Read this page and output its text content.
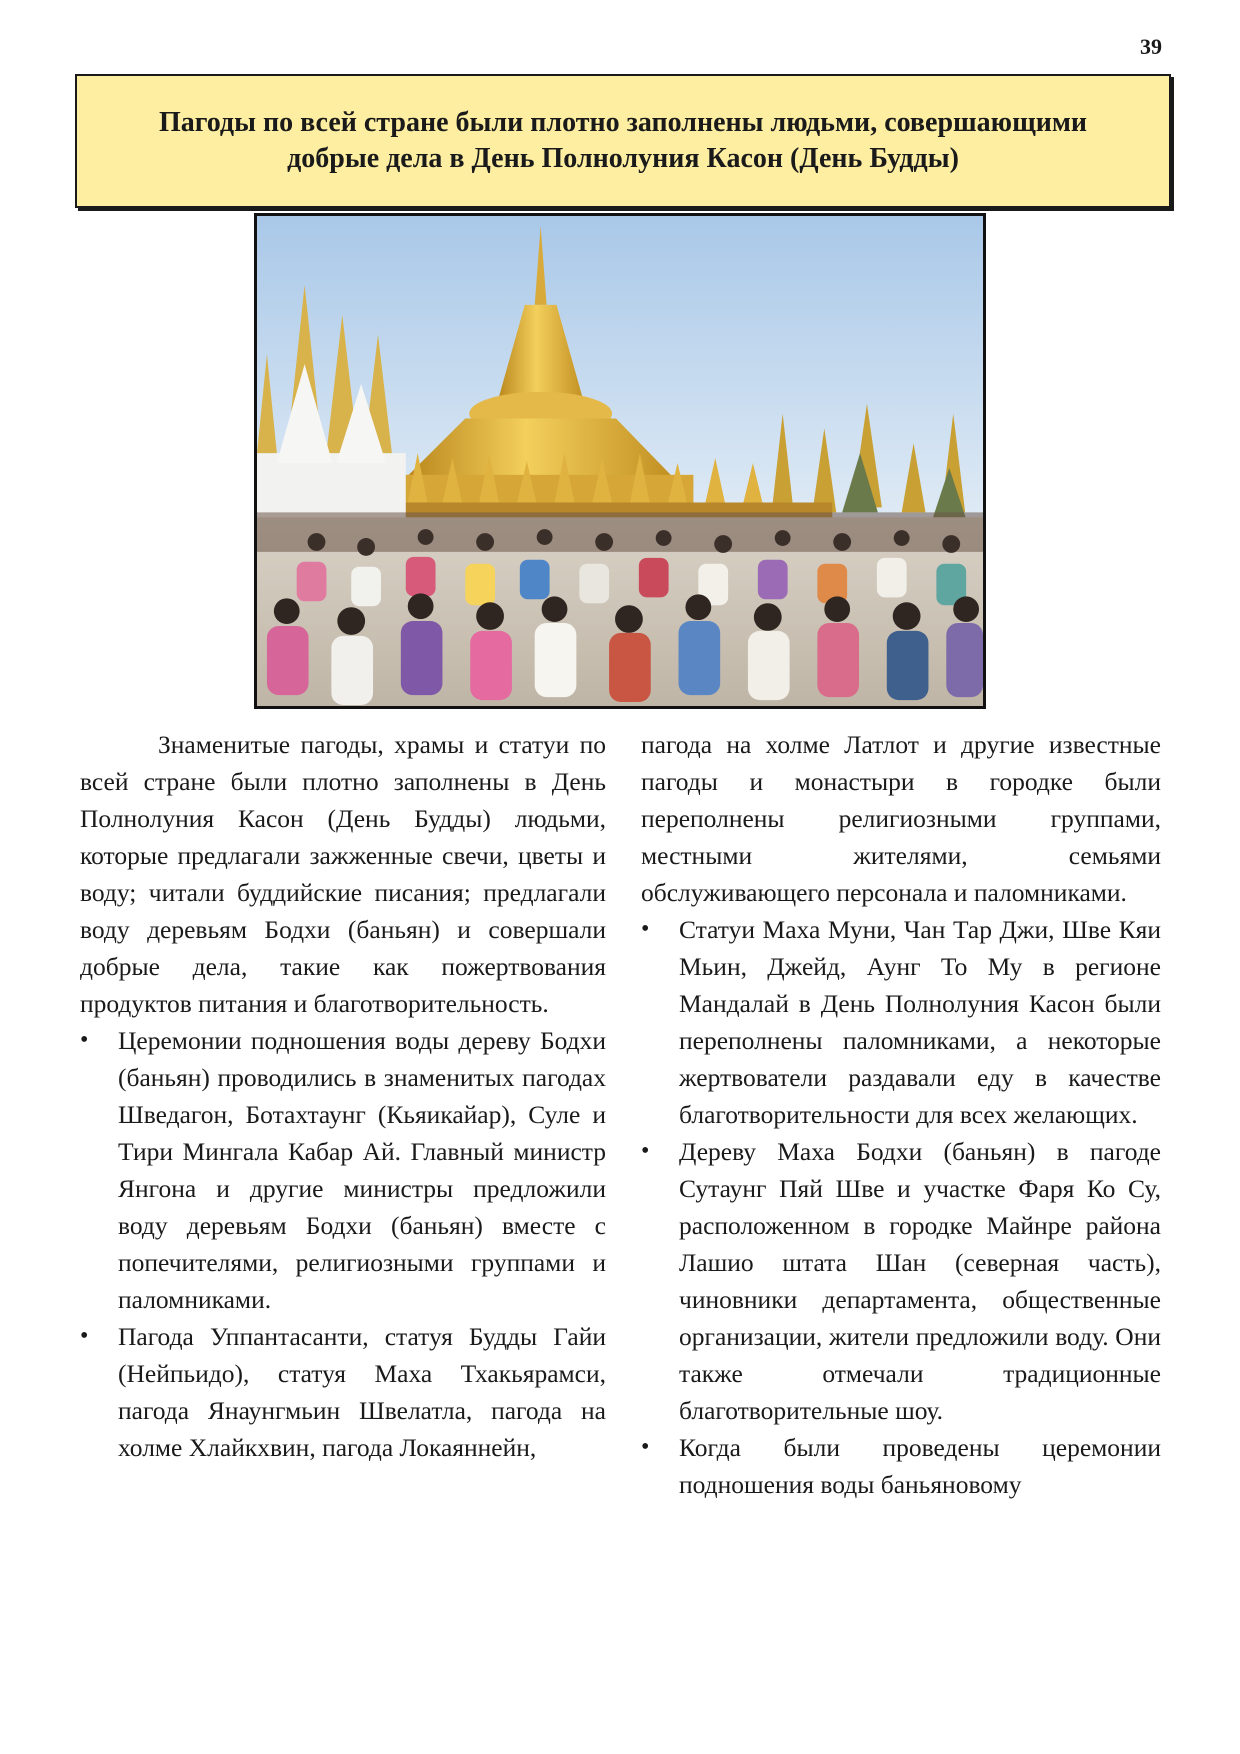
39
Пагоды по всей стране были плотно заполнены людьми, совершающими
добрые дела в День Полнолуния Касон (День Будды)

Знаменитые пагоды, храмы и статуи по всей стране были плотно заполнены в День Полнолуния Касон (День Будды) людьми, которые предлагали зажженные свечи, цветы и воду; читали буддийские писания; предлагали воду деревьям Бодхи (баньян) и совершали добрые дела, такие как пожертвования продуктов питания и благотворительность.

• Церемонии подношения воды дереву Бодхи (баньян) проводились в знаменитых пагодах Шведагон, Ботахтаунг (Кьяикайар), Суле и Тири Мингала Кабар Ай. Главный министр Янгона и другие министры предложили воду деревьям Бодхи (баньян) вместе с попечителями, религиозными группами и паломниками.
• Пагода Уппантасанти, статуя Будды Гайи (Нейпьидо), статуя Маха Тхакьярамси, пагода Янаунгмьин Швелатла, пагода на холме Хлайкхвин, пагода Локаяннейн,

пагода на холме Латлот и другие известные пагоды и монастыри в городке были переполнены религиозными группами, местными жителями, семьями обслуживающего персонала и паломниками.

• Статуи Маха Муни, Чан Тар Джи, Шве Кяи Мьин, Джейд, Аунг То Му в регионе Мандалай в День Полнолуния Касон были переполнены паломниками, а некоторые жертвователи раздавали еду в качестве благотворительности для всех желающих.
• Дереву Маха Бодхи (баньян) в пагоде Сутаунг Пяй Шве и участке Фаря Ко Су, расположенном в городке Майнре района Лашио штата Шан (северная часть), чиновники департамента, общественные организации, жители предложили воду. Они также отмечали традиционные благотворительные шоу.
• Когда были проведены церемонии подношения воды баньяновому
